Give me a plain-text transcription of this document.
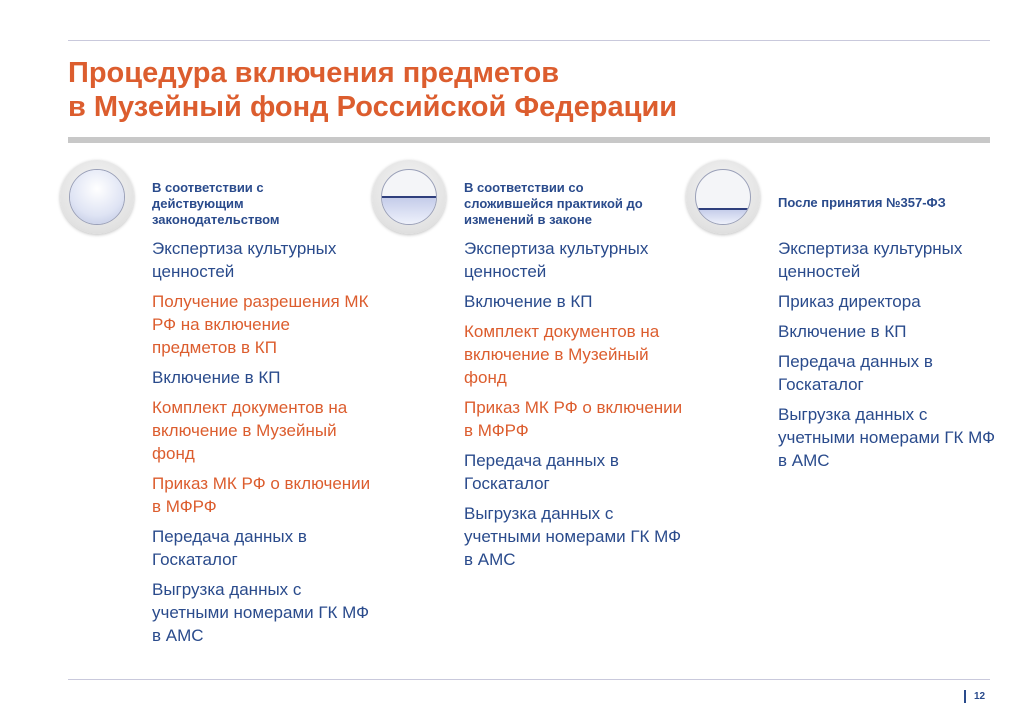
Процедура включения предметов
в Музейный фонд Российской Федерации
В соответствии с действующим законодательством
Экспертиза культурных ценностей
Получение разрешения МК РФ на включение предметов в КП
Включение в КП
Комплект документов на включение в Музейный фонд
Приказ МК РФ о включении в МФРФ
Передача данных в Госкаталог
Выгрузка данных с учетными номерами ГК МФ в АМС
В соответствии со сложившейся практикой до изменений в законе
Экспертиза культурных ценностей
Включение в КП
Комплект документов на включение в Музейный фонд
Приказ МК РФ о включении в МФРФ
Передача данных в Госкаталог
Выгрузка данных с учетными номерами ГК МФ в АМС
После принятия №357-ФЗ
Экспертиза культурных ценностей
Приказ директора
Включение в КП
Передача данных в Госкаталог
Выгрузка данных с учетными номерами ГК МФ в АМС
12
